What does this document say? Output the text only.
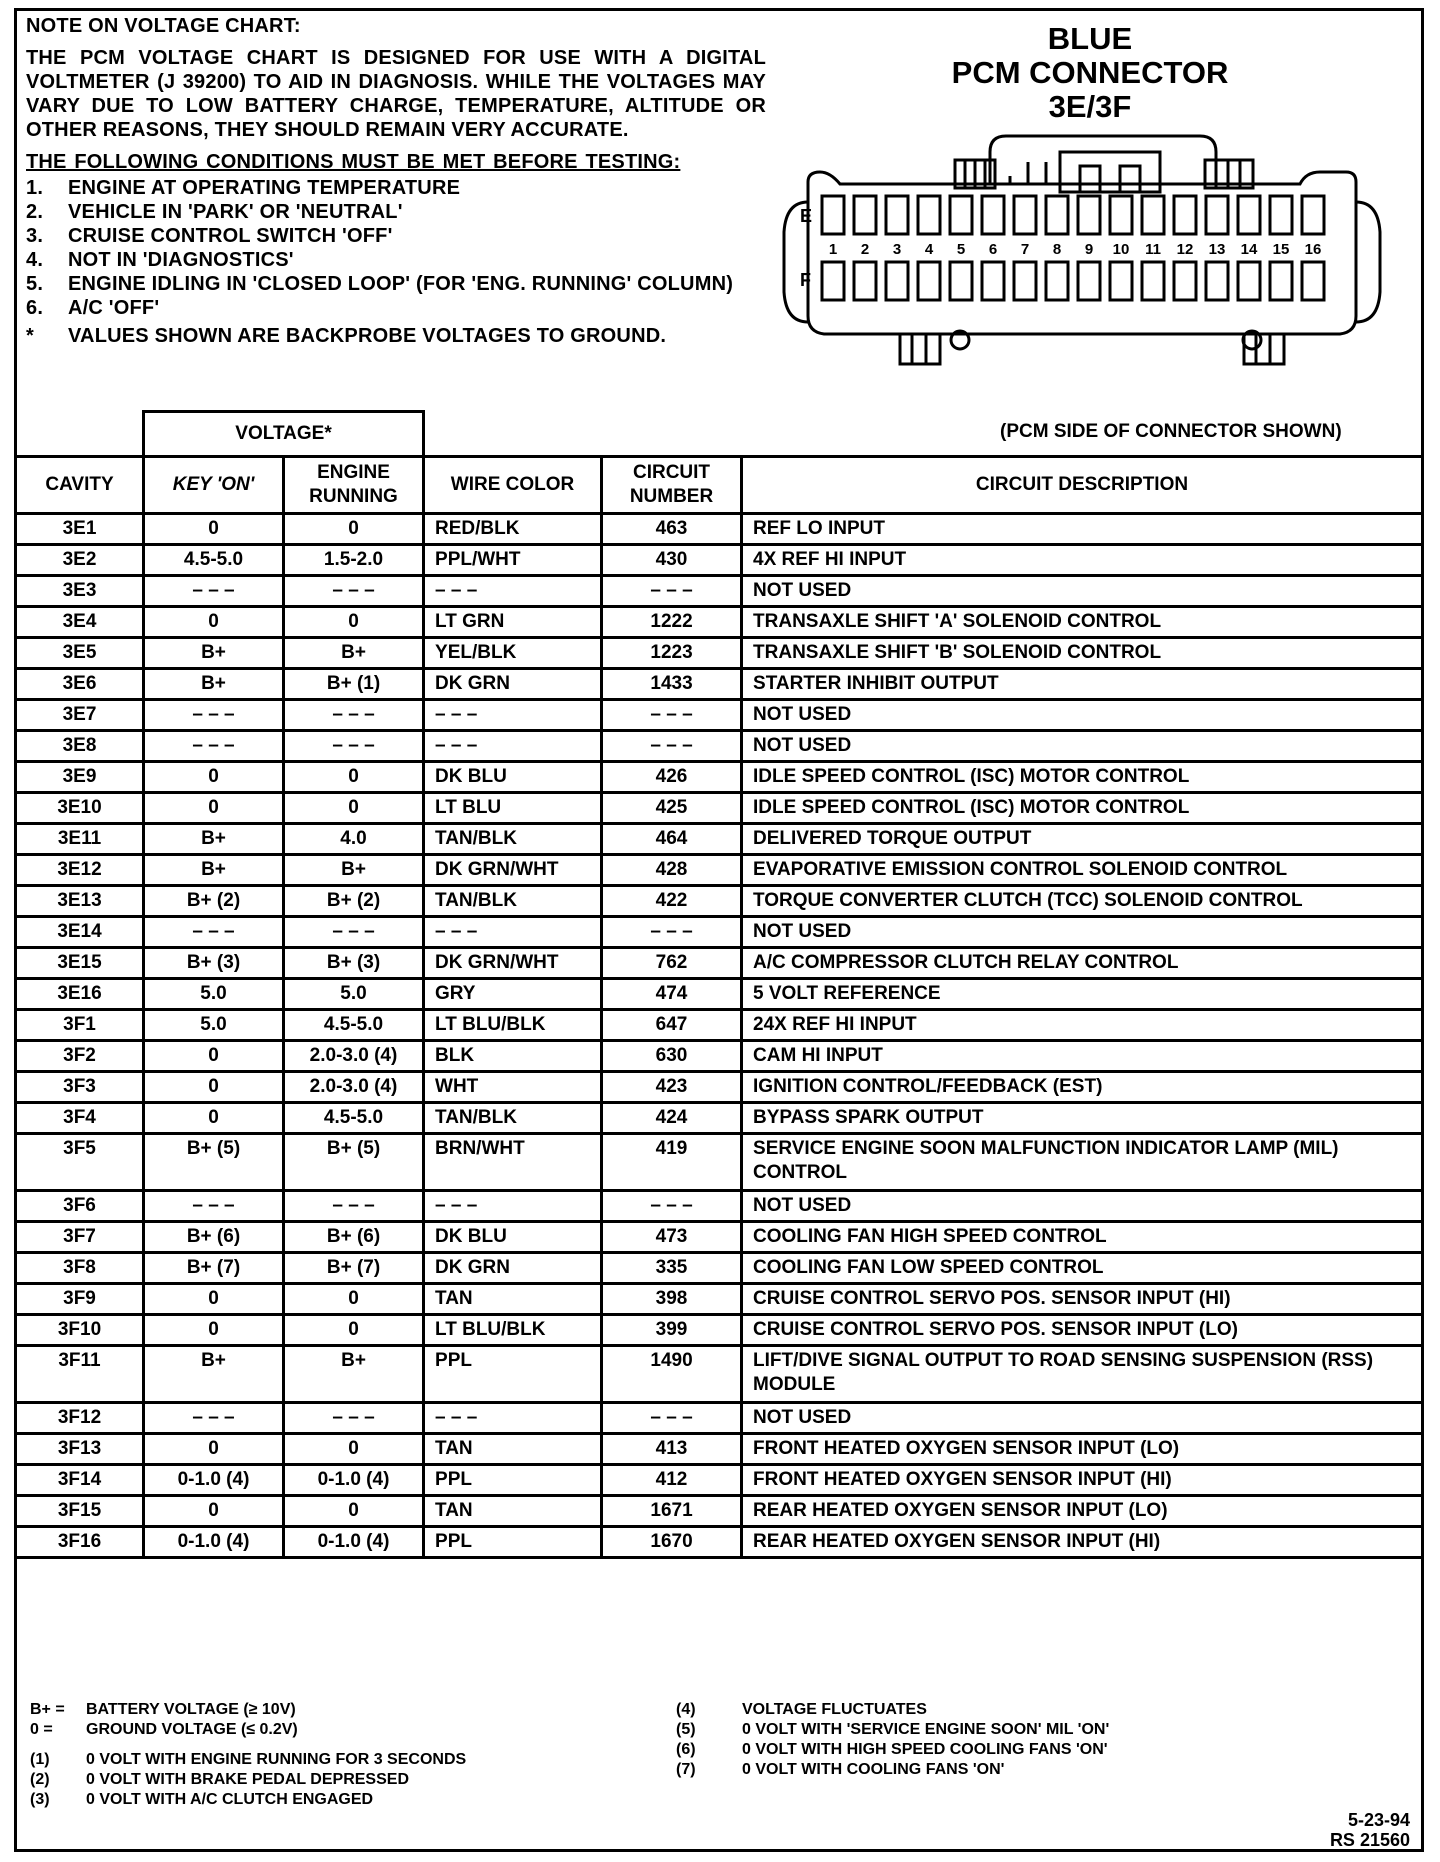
NOTE ON VOLTAGE CHART:
THE PCM VOLTAGE CHART IS DESIGNED FOR USE WITH A DIGITAL VOLTMETER (J 39200) TO AID IN DIAGNOSIS. WHILE THE VOLTAGES MAY VARY DUE TO LOW BATTERY CHARGE, TEMPERATURE, ALTITUDE OR OTHER REASONS, THEY SHOULD REMAIN VERY ACCURATE.
THE FOLLOWING CONDITIONS MUST BE MET BEFORE TESTING:
1.	ENGINE AT OPERATING TEMPERATURE
2.	VEHICLE IN 'PARK' OR 'NEUTRAL'
3.	CRUISE CONTROL SWITCH 'OFF'
4.	NOT IN 'DIAGNOSTICS'
5.	ENGINE IDLING IN 'CLOSED LOOP' (FOR 'ENG. RUNNING' COLUMN)
6.	A/C 'OFF'
*	VALUES SHOWN ARE BACKPROBE VOLTAGES TO GROUND.
BLUE
PCM CONNECTOR
3E/3F
E
F
1 2 3 4 5 6 7 8 9 10 11 12 13 14 15 16
(PCM SIDE OF CONNECTOR SHOWN)
	VOLTAGE*				
CAVITY	KEY 'ON'	ENGINE RUNNING	WIRE COLOR	CIRCUIT NUMBER	CIRCUIT DESCRIPTION
3E1	0	0	RED/BLK	463	REF LO INPUT
3E2	4.5-5.0	1.5-2.0	PPL/WHT	430	4X REF HI INPUT
3E3	– – –	– – –	– – –	– – –	NOT USED
3E4	0	0	LT GRN	1222	TRANSAXLE SHIFT 'A' SOLENOID CONTROL
3E5	B+	B+	YEL/BLK	1223	TRANSAXLE SHIFT 'B' SOLENOID CONTROL
3E6	B+	B+ (1)	DK GRN	1433	STARTER INHIBIT OUTPUT
3E7	– – –	– – –	– – –	– – –	NOT USED
3E8	– – –	– – –	– – –	– – –	NOT USED
3E9	0	0	DK BLU	426	IDLE SPEED CONTROL (ISC) MOTOR CONTROL
3E10	0	0	LT BLU	425	IDLE SPEED CONTROL (ISC) MOTOR CONTROL
3E11	B+	4.0	TAN/BLK	464	DELIVERED TORQUE OUTPUT
3E12	B+	B+	DK GRN/WHT	428	EVAPORATIVE EMISSION CONTROL SOLENOID CONTROL
3E13	B+ (2)	B+ (2)	TAN/BLK	422	TORQUE CONVERTER CLUTCH (TCC) SOLENOID CONTROL
3E14	– – –	– – –	– – –	– – –	NOT USED
3E15	B+ (3)	B+ (3)	DK GRN/WHT	762	A/C COMPRESSOR CLUTCH RELAY CONTROL
3E16	5.0	5.0	GRY	474	5 VOLT REFERENCE
3F1	5.0	4.5-5.0	LT BLU/BLK	647	24X REF HI INPUT
3F2	0	2.0-3.0 (4)	BLK	630	CAM HI INPUT
3F3	0	2.0-3.0 (4)	WHT	423	IGNITION CONTROL/FEEDBACK (EST)
3F4	0	4.5-5.0	TAN/BLK	424	BYPASS SPARK OUTPUT
3F5	B+ (5)	B+ (5)	BRN/WHT	419	SERVICE ENGINE SOON MALFUNCTION INDICATOR LAMP (MIL) CONTROL
3F6	– – –	– – –	– – –	– – –	NOT USED
3F7	B+ (6)	B+ (6)	DK BLU	473	COOLING FAN HIGH SPEED CONTROL
3F8	B+ (7)	B+ (7)	DK GRN	335	COOLING FAN LOW SPEED CONTROL
3F9	0	0	TAN	398	CRUISE CONTROL SERVO POS. SENSOR INPUT (HI)
3F10	0	0	LT BLU/BLK	399	CRUISE CONTROL SERVO POS. SENSOR INPUT (LO)
3F11	B+	B+	PPL	1490	LIFT/DIVE SIGNAL OUTPUT TO ROAD SENSING SUSPENSION (RSS) MODULE
3F12	– – –	– – –	– – –	– – –	NOT USED
3F13	0	0	TAN	413	FRONT HEATED OXYGEN SENSOR INPUT (LO)
3F14	0-1.0 (4)	0-1.0 (4)	PPL	412	FRONT HEATED OXYGEN SENSOR INPUT (HI)
3F15	0	0	TAN	1671	REAR HEATED OXYGEN SENSOR INPUT (LO)
3F16	0-1.0 (4)	0-1.0 (4)	PPL	1670	REAR HEATED OXYGEN SENSOR INPUT (HI)
B+ =	BATTERY VOLTAGE (≥ 10V)
0 =	GROUND VOLTAGE (≤ 0.2V)
(1)	0 VOLT WITH ENGINE RUNNING FOR 3 SECONDS
(2)	0 VOLT WITH BRAKE PEDAL DEPRESSED
(3)	0 VOLT WITH A/C CLUTCH ENGAGED
(4)	VOLTAGE FLUCTUATES
(5)	0 VOLT WITH 'SERVICE ENGINE SOON' MIL 'ON'
(6)	0 VOLT WITH HIGH SPEED COOLING FANS 'ON'
(7)	0 VOLT WITH COOLING FANS 'ON'
5-23-94
RS 21560
